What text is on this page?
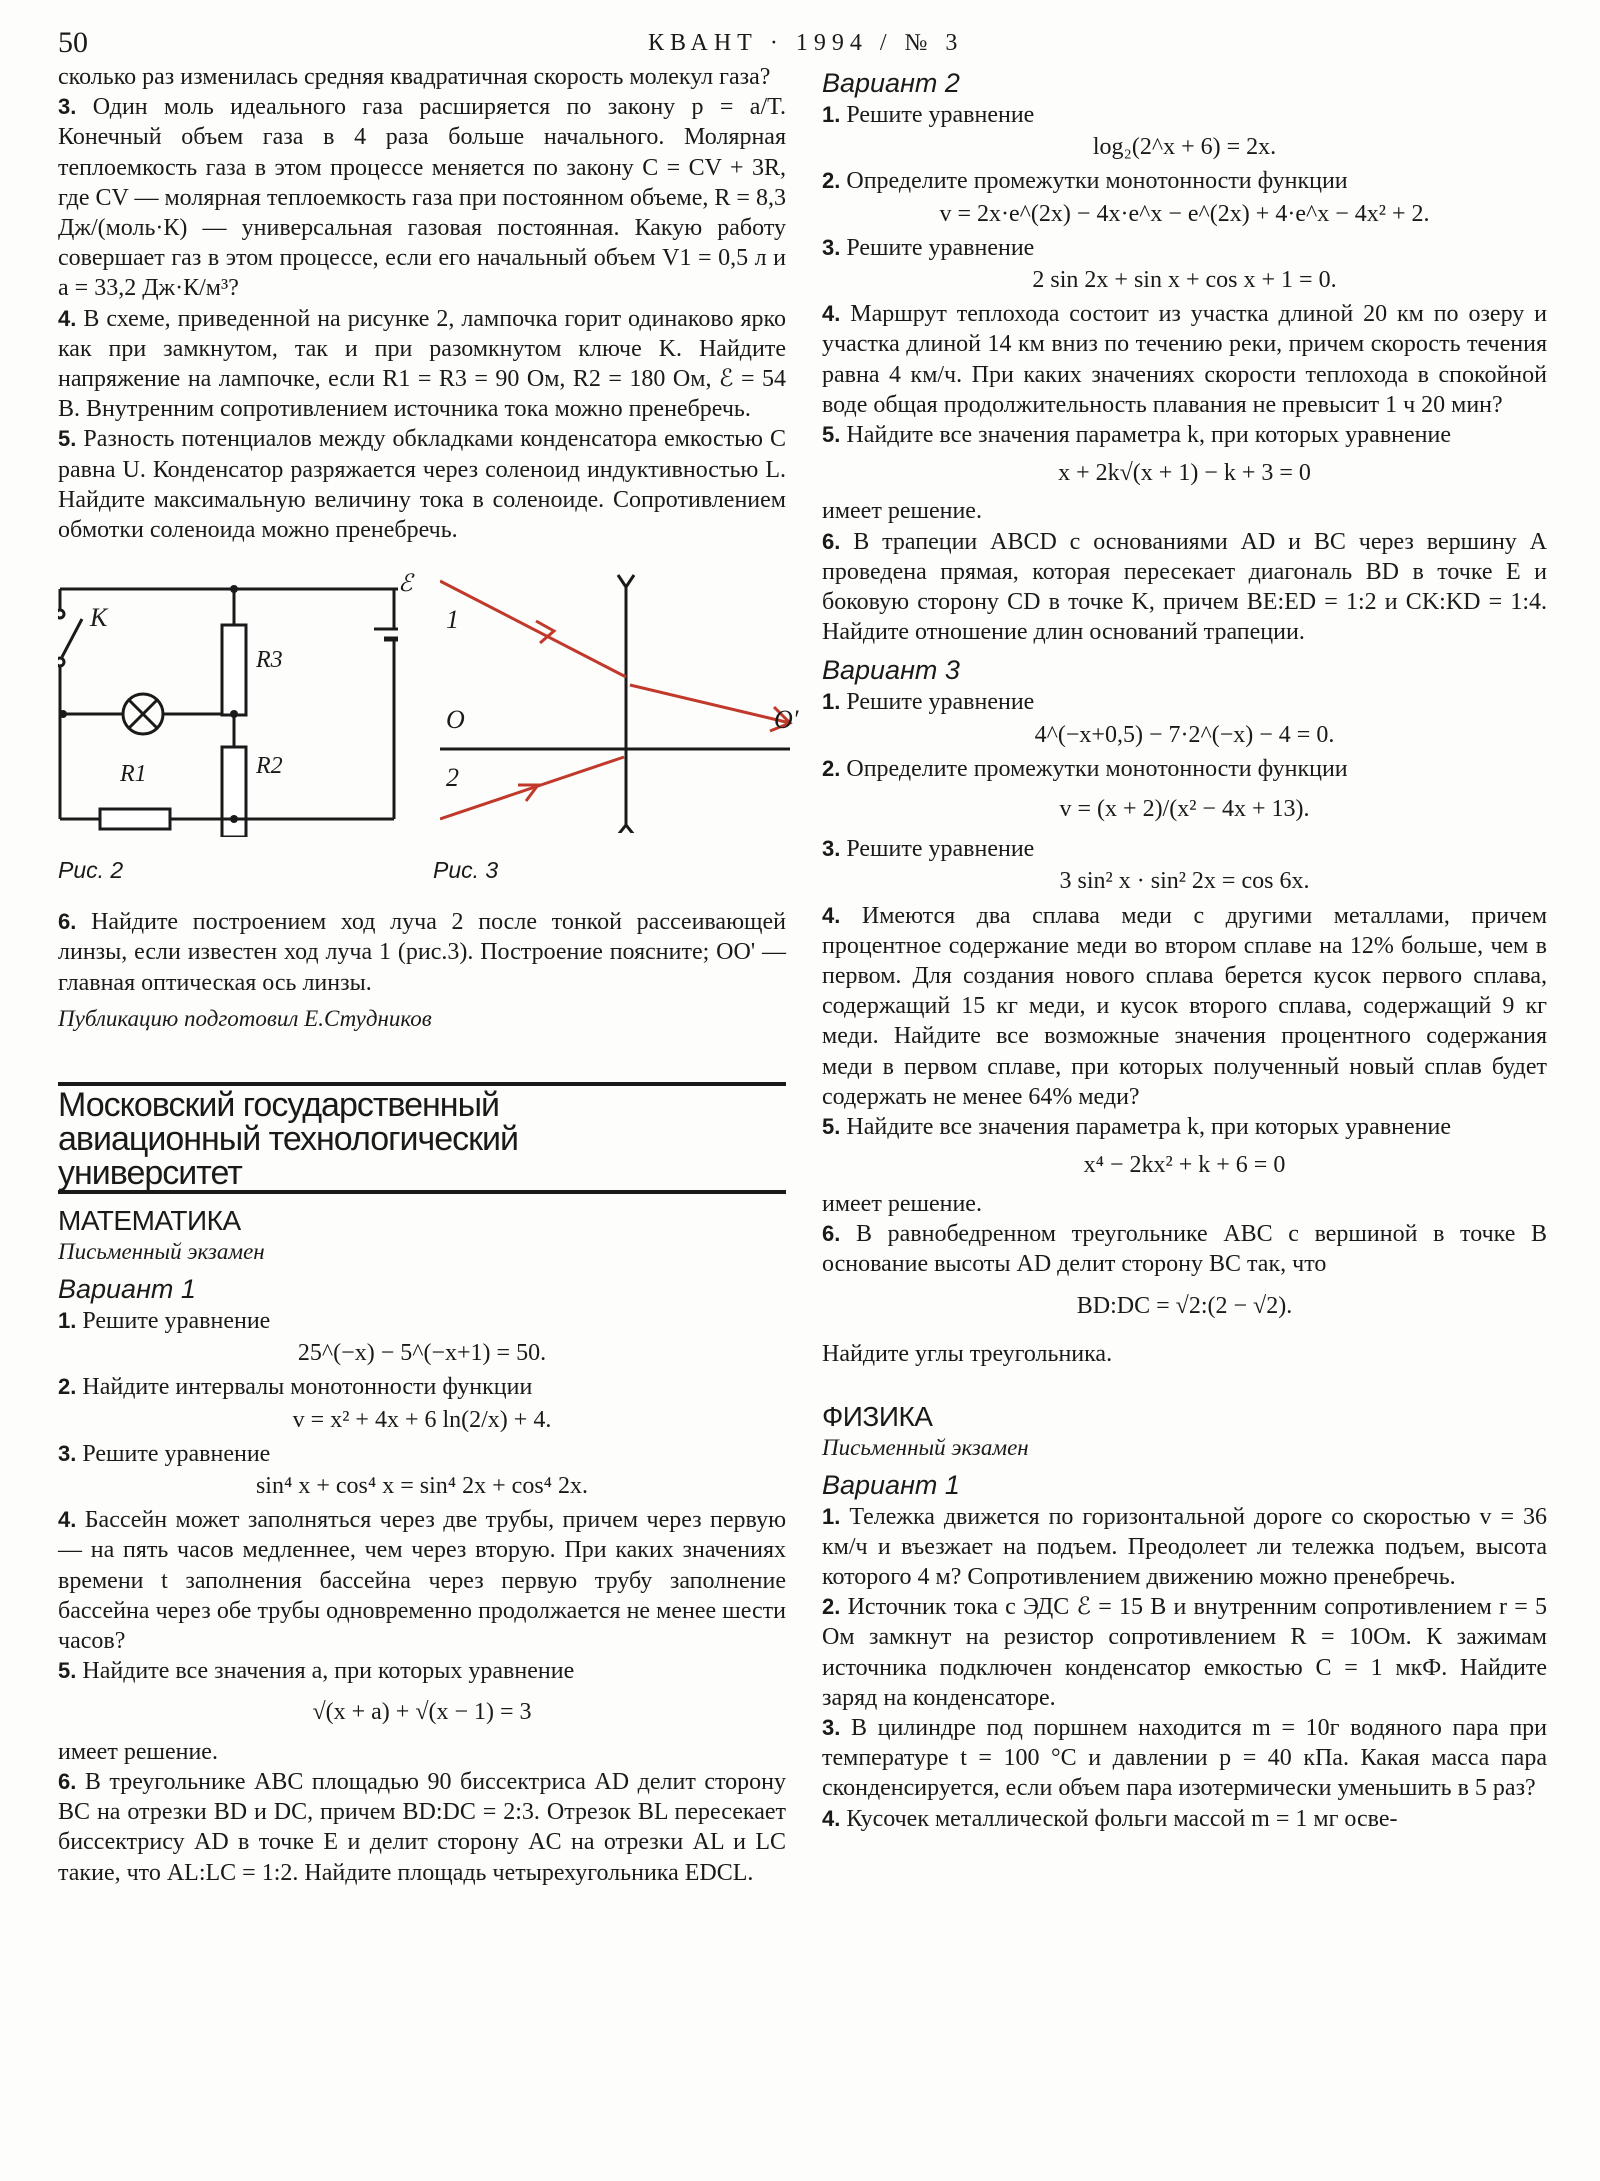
50	КВАНТ · 1994 / № 3

сколько раз изменилась средняя квадратичная скорость молекул газа?

3. Один моль идеального газа расширяется по закону p = a/T. Конечный объем газа в 4 раза больше начального. Молярная теплоемкость газа в этом процессе меняется по закону C = CV + 3R, где CV — молярная теплоемкость газа при постоянном объеме, R = 8,3 Дж/(моль·К) — универсальная газовая постоянная. Какую работу совершает газ в этом процессе, если его начальный объем V1 = 0,5 л и a = 33,2 Дж·К/м³?

4. В схеме, приведенной на рисунке 2, лампочка горит одинаково ярко как при замкнутом, так и при разомкнутом ключе K. Найдите напряжение на лампочке, если R1 = R3 = 90 Ом, R2 = 180 Ом, ℰ = 54 В. Внутренним сопротивлением источника тока можно пренебречь.

5. Разность потенциалов между обкладками конденсатора емкостью C равна U. Конденсатор разряжается через соленоид индуктивностью L. Найдите максимальную величину тока в соленоиде. Сопротивлением обмотки соленоида можно пренебречь.

K
R3
R2
R1
ℰ
1
2
O	O′
Рис. 2	Рис. 3

6. Найдите построением ход луча 2 после тонкой рассеивающей линзы, если известен ход луча 1 (рис.3). Построение поясните; OO' — главная оптическая ось линзы.

Публикацию подготовил Е.Студников

Московский государственный
авиационный технологический
университет
МАТЕМАТИКА
Письменный экзамен
Вариант 1

1. Решите уравнение

25^(−x) − 5^(−x+1) = 50.

2. Найдите интервалы монотонности функции

v = x² + 4x + 6 ln(2/x) + 4.

3. Решите уравнение

sin⁴ x + cos⁴ x = sin⁴ 2x + cos⁴ 2x.

4. Бассейн может заполняться через две трубы, причем через первую — на пять часов медленнее, чем через вторую. При каких значениях времени t заполнения бассейна через первую трубу заполнение бассейна через обе трубы одновременно продолжается не менее шести часов?

5. Найдите все значения a, при которых уравнение

√(x + a) + √(x − 1) = 3

имеет решение.

6. В треугольнике ABC площадью 90 биссектриса AD делит сторону BC на отрезки BD и DC, причем BD:DC = 2:3. Отрезок BL пересекает биссектрису AD в точке E и делит сторону AC на отрезки AL и LC такие, что AL:LC = 1:2. Найдите площадь четырехугольника EDCL.

Вариант 2

1. Решите уравнение

log₂(2^x + 6) = 2x.

2. Определите промежутки монотонности функции

v = 2x·e^(2x) − 4x·e^x − e^(2x) + 4·e^x − 4x² + 2.

3. Решите уравнение

2 sin 2x + sin x + cos x + 1 = 0.

4. Маршрут теплохода состоит из участка длиной 20 км по озеру и участка длиной 14 км вниз по течению реки, причем скорость течения равна 4 км/ч. При каких значениях скорости теплохода в спокойной воде общая продолжительность плавания не превысит 1 ч 20 мин?

5. Найдите все значения параметра k, при которых уравнение

x + 2k√(x + 1) − k + 3 = 0

имеет решение.

6. В трапеции ABCD с основаниями AD и BC через вершину A проведена прямая, которая пересекает диагональ BD в точке E и боковую сторону CD в точке K, причем BE:ED = 1:2 и CK:KD = 1:4. Найдите отношение длин оснований трапеции.

Вариант 3

1. Решите уравнение

4^(−x+0,5) − 7·2^(−x) − 4 = 0.

2. Определите промежутки монотонности функции

v = (x + 2)/(x² − 4x + 13).

3. Решите уравнение

3 sin² x · sin² 2x = cos 6x.

4. Имеются два сплава меди с другими металлами, причем процентное содержание меди во втором сплаве на 12% больше, чем в первом. Для создания нового сплава берется кусок первого сплава, содержащий 15 кг меди, и кусок второго сплава, содержащий 9 кг меди. Найдите все возможные значения процентного содержания меди в первом сплаве, при которых полученный новый сплав будет содержать не менее 64% меди?

5. Найдите все значения параметра k, при которых уравнение

x⁴ − 2kx² + k + 6 = 0

имеет решение.

6. В равнобедренном треугольнике ABC с вершиной в точке B основание высоты AD делит сторону BC так, что

BD:DC = √2:(2 − √2).

Найдите углы треугольника.

ФИЗИКА
Письменный экзамен
Вариант 1

1. Тележка движется по горизонтальной дороге со скоростью v = 36 км/ч и въезжает на подъем. Преодолеет ли тележка подъем, высота которого 4 м? Сопротивлением движению можно пренебречь.

2. Источник тока с ЭДС ℰ = 15 В и внутренним сопротивлением r = 5 Ом замкнут на резистор сопротивлением R = 10Ом. К зажимам источника подключен конденсатор емкостью C = 1 мкФ. Найдите заряд на конденсаторе.

3. В цилиндре под поршнем находится m = 10г водяного пара при температуре t = 100 °С и давлении p = 40 кПа. Какая масса пара сконденсируется, если объем пара изотермически уменьшить в 5 раз?

4. Кусочек металлической фольги массой m = 1 мг осве-
